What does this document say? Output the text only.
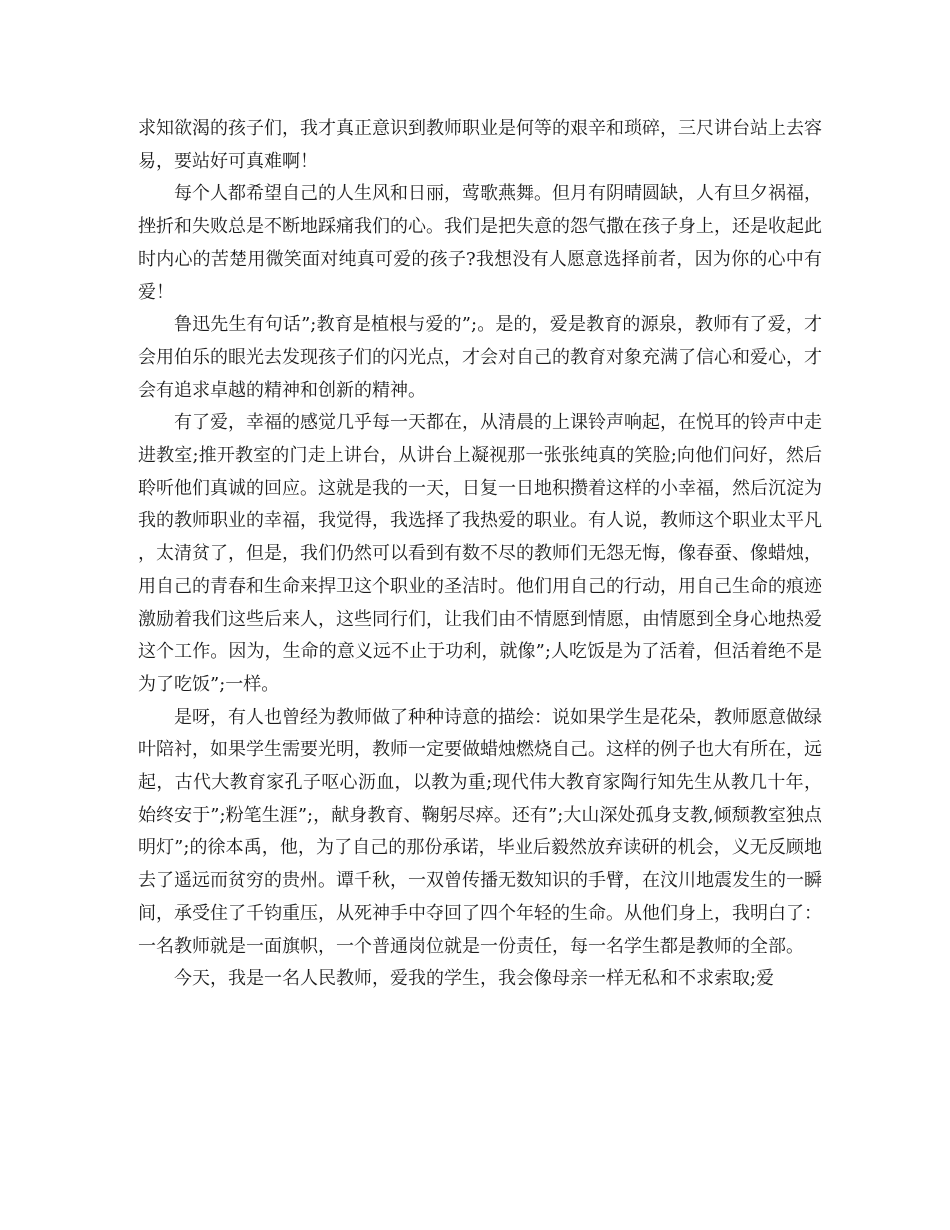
求知欲渴的孩子们，我才真正意识到教师职业是何等的艰辛和琐碎，三尺讲台站上去容易，要站好可真难啊！

每个人都希望自己的人生风和日丽，莺歌燕舞。但月有阴晴圆缺，人有旦夕祸福，挫折和失败总是不断地踩痛我们的心。我们是把失意的怨气撒在孩子身上，还是收起此时内心的苦楚用微笑面对纯真可爱的孩子?我想没有人愿意选择前者，因为你的心中有爱！

鲁迅先生有句话”;教育是植根与爱的”;。是的，爱是教育的源泉，教师有了爱，才会用伯乐的眼光去发现孩子们的闪光点，才会对自己的教育对象充满了信心和爱心，才会有追求卓越的精神和创新的精神。

有了爱，幸福的感觉几乎每一天都在，从清晨的上课铃声响起，在悦耳的铃声中走进教室;推开教室的门走上讲台，从讲台上凝视那一张张纯真的笑脸;向他们问好，然后聆听他们真诚的回应。这就是我的一天，日复一日地积攒着这样的小幸福，然后沉淀为我的教师职业的幸福，我觉得，我选择了我热爱的职业。有人说，教师这个职业太平凡，太清贫了，但是，我们仍然可以看到有数不尽的教师们无怨无悔，像春蚕、像蜡烛，用自己的青春和生命来捍卫这个职业的圣洁时。他们用自己的行动，用自己生命的痕迹激励着我们这些后来人，这些同行们，让我们由不情愿到情愿，由情愿到全身心地热爱这个工作。因为，生命的意义远不止于功利，就像”;人吃饭是为了活着，但活着绝不是为了吃饭”;一样。

是呀，有人也曾经为教师做了种种诗意的描绘：说如果学生是花朵，教师愿意做绿叶陪衬，如果学生需要光明，教师一定要做蜡烛燃烧自己。这样的例子也大有所在，远起，古代大教育家孔子呕心沥血，以教为重;现代伟大教育家陶行知先生从教几十年，始终安于”;粉笔生涯”;，献身教育、鞠躬尽瘁。还有”;大山深处孤身支教,倾颓教室独点明灯”;的徐本禹，他，为了自己的那份承诺，毕业后毅然放弃读研的机会，义无反顾地去了遥远而贫穷的贵州。谭千秋，一双曾传播无数知识的手臂，在汶川地震发生的一瞬间，承受住了千钧重压，从死神手中夺回了四个年轻的生命。从他们身上，我明白了：一名教师就是一面旗帜，一个普通岗位就是一份责任，每一名学生都是教师的全部。

今天，我是一名人民教师，爱我的学生，我会像母亲一样无私和不求索取;爱
